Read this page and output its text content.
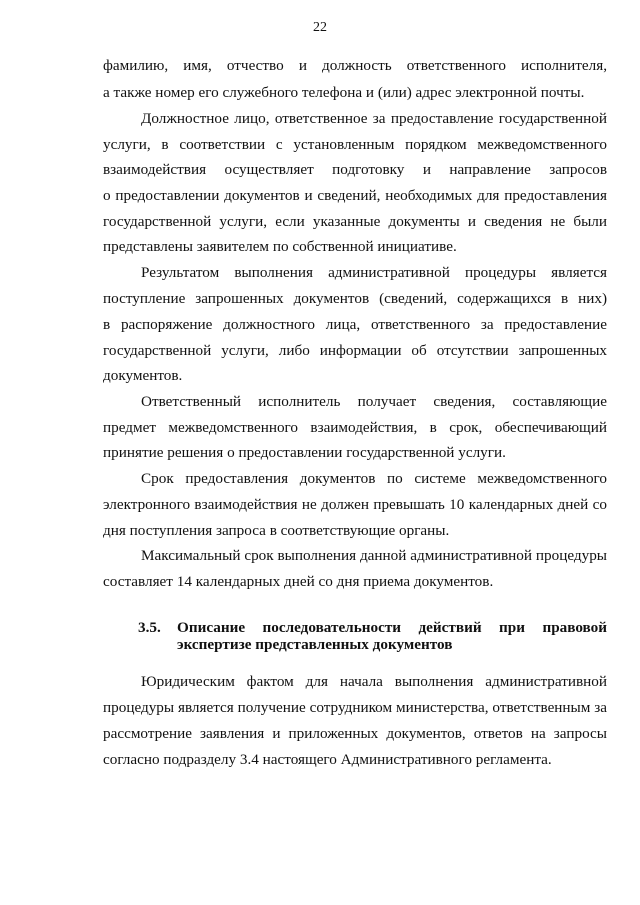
22
фамилию, имя, отчество и должность ответственного исполнителя,
а также номер его служебного телефона и (или) адрес электронной почты.
Должностное лицо, ответственное за предоставление государственной
услуги, в соответствии с установленным порядком межведомственного
взаимодействия осуществляет подготовку и направление запросов
о предоставлении документов и сведений, необходимых для предоставления
государственной услуги, если указанные документы и сведения не были
представлены заявителем по собственной инициативе.
Результатом выполнения административной процедуры является
поступление запрошенных документов (сведений, содержащихся в них)
в распоряжение должностного лица, ответственного за предоставление
государственной услуги, либо информации об отсутствии запрошенных
документов.
Ответственный исполнитель получает сведения, составляющие
предмет межведомственного взаимодействия, в срок, обеспечивающий
принятие решения о предоставлении государственной услуги.
Срок предоставления документов по системе межведомственного
электронного взаимодействия не должен превышать 10 календарных дней со
дня поступления запроса в соответствующие органы.
Максимальный срок выполнения данной административной процедуры
составляет 14 календарных дней со дня приема документов.
3.5. Описание последовательности действий при правовой
экспертизе представленных документов
Юридическим фактом для начала выполнения административной
процедуры является получение сотрудником министерства, ответственным за
рассмотрение заявления и приложенных документов, ответов на запросы
согласно подразделу 3.4 настоящего Административного регламента.
